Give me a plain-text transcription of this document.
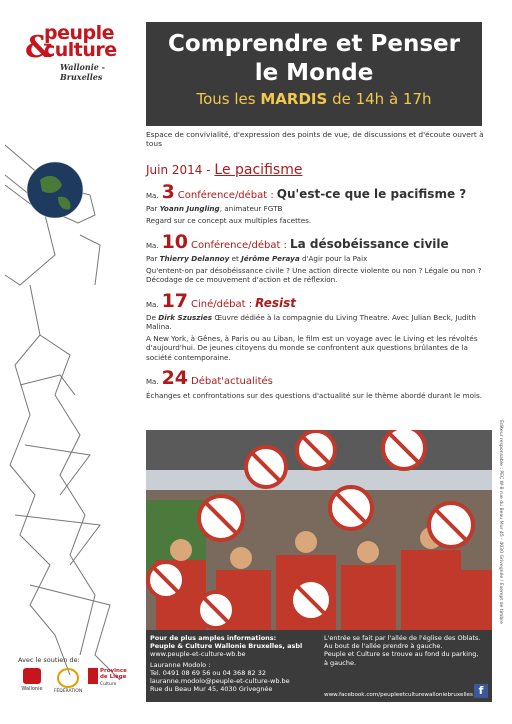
&
peuple
culture
Wallonie - Bruxelles
Comprendre et Penser
le Monde
Tous les MARDIS de 14h à 17h
Espace de convivialité, d'expression des points de vue, de discussions et d'écoute ouvert à tous
Juin 2014 - Le pacifisme
Ma. 3 Conférence/débat : Qu'est-ce que le pacifisme ?
Par Yoann Jungling, animateur FGTB
Regard sur ce concept aux multiples facettes.
Ma. 10 Conférence/débat : La désobéissance civile
Par Thierry Delannoy et Jérôme Peraya d'Agir pour la Paix
Qu'entent-on par désobéissance civile ? Une action directe violente ou non ? Légale ou non ? Décodage de ce mouvement d'action et de réflexion.
Ma. 17 Ciné/débat : Resist
De Dirk Szuszies Œuvre dédiée à la compagnie du Living Theatre. Avec Julian Beck, Judith Malina.
A New York, à Gênes, à Paris ou au Liban, le film est un voyage avec le Living et les révoltés d'aujourd'hui. De jeunes citoyens du monde se confrontent aux questions brûlantes de la société contemporaine.
Ma. 24 Débat'actualités
Échanges et confrontations sur des questions d'actualité sur le thème abordé durant le mois.
Pour de plus amples informations:
Peuple & Culture Wallonie Bruxelles, asbl
www.peuple-et-culture-wb.be
Lauranne Modolo :
Tel. 0491 08 69 56 ou 04 368 82 32
lauranne.modolo@peuple-et-culture-wb.be
Rue du Beau Mur 45, 4030 Grivegnée
L'entrée se fait par l'allée de l'église des Oblats.
Au bout de l'allée prendre à gauche.
Peuple et Culture se trouve au fond du parking, à gauche.
www.facebook.com/peupleetculturewalloniebruxelles f
Avec le soutien de:
Wallonie	FÉDÉRATION
Province de Liège
Culture
Éditeur responsable : PEC W-B rue du Beau Mur 45 - 4030 Grivegnée / Exempt de timbre
